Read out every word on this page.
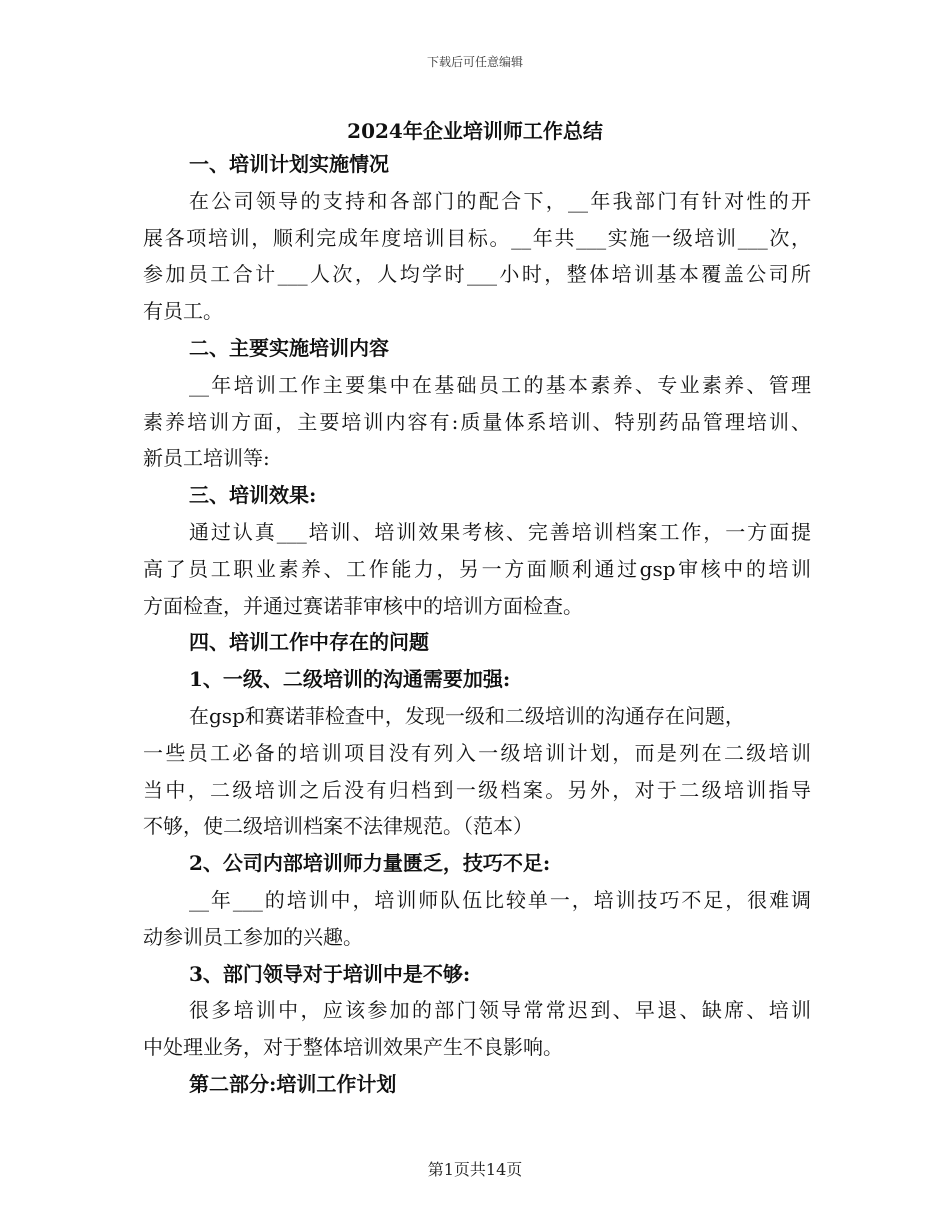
下载后可任意编辑
2024年企业培训师工作总结
一、培训计划实施情况
在公司领导的支持和各部门的配合下，__年我部门有针对性的开
展各项培训，顺利完成年度培训目标。__年共___实施一级培训___次，
参加员工合计___人次，人均学时___小时，整体培训基本覆盖公司所
有员工。
二、主要实施培训内容
__年培训工作主要集中在基础员工的基本素养、专业素养、管理
素养培训方面，主要培训内容有:质量体系培训、特别药品管理培训、
新员工培训等:
三、培训效果:
通过认真___培训、培训效果考核、完善培训档案工作，一方面提
高了员工职业素养、工作能力，另一方面顺利通过gsp审核中的培训
方面检查，并通过赛诺菲审核中的培训方面检查。
四、培训工作中存在的问题
1、一级、二级培训的沟通需要加强:
在gsp和赛诺菲检查中，发现一级和二级培训的沟通存在问题，
一些员工必备的培训项目没有列入一级培训计划，而是列在二级培训
当中，二级培训之后没有归档到一级档案。另外，对于二级培训指导
不够，使二级培训档案不法律规范。（范本）
2、公司内部培训师力量匮乏，技巧不足:
__年___的培训中，培训师队伍比较单一，培训技巧不足，很难调
动参训员工参加的兴趣。
3、部门领导对于培训中是不够:
很多培训中，应该参加的部门领导常常迟到、早退、缺席、培训
中处理业务，对于整体培训效果产生不良影响。
第二部分:培训工作计划
第1页共14页
